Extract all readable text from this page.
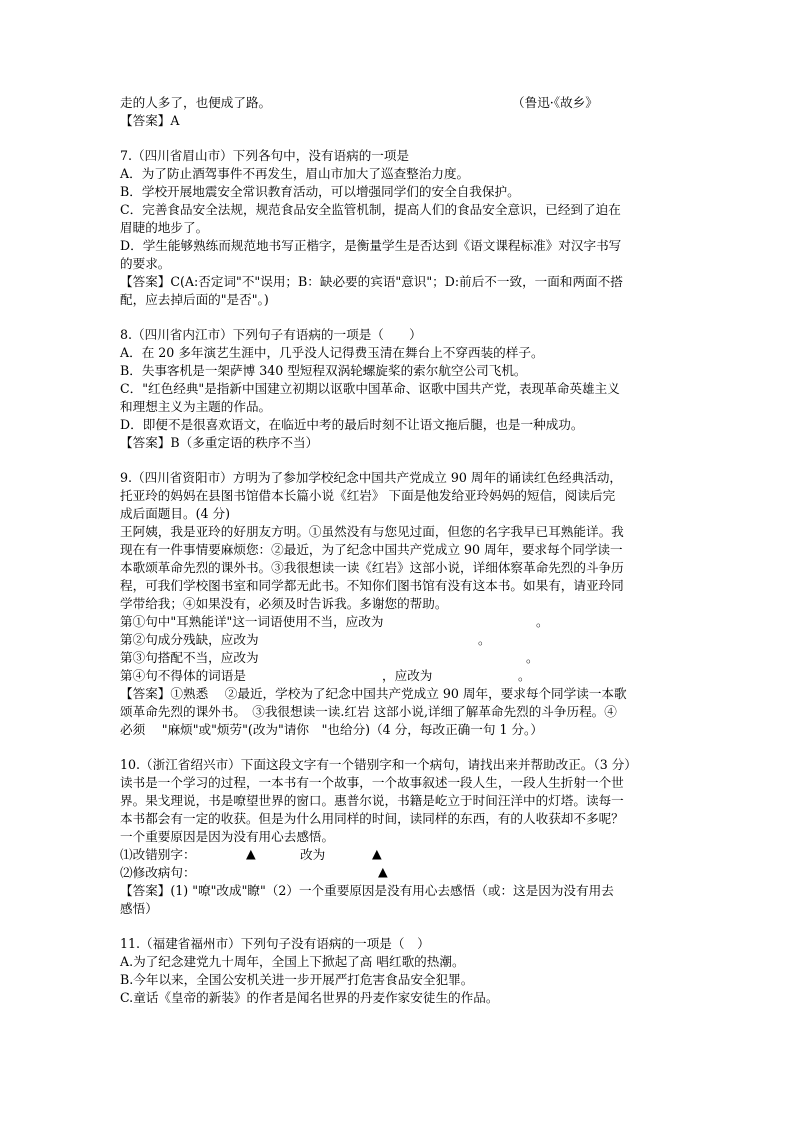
走的人多了，也便成了路。	（鲁迅·《故乡》
【答案】A
7.（四川省眉山市）下列各句中，没有语病的一项是
A．为了防止酒驾事件不再发生，眉山市加大了巡查整治力度。
B．学校开展地震安全常识教育活动，可以增强同学们的安全自我保护。
C．完善食品安全法规，规范食品安全监管机制，提高人们的食品安全意识，已经到了迫在
眉睫的地步了。
D．学生能够熟练而规范地书写正楷字，是衡量学生是否达到《语文课程标准》对汉字书写
的要求。
【答案】C(A:否定词"不"误用；B：缺必要的宾语"意识"；D:前后不一致，一面和两面不搭
配，应去掉后面的"是否"。)
8.（四川省内江市）下列句子有语病的一项是（　　）
A．在 20 多年演艺生涯中，几乎没人记得费玉清在舞台上不穿西装的样子。
B．失事客机是一架萨博 340 型短程双涡轮螺旋桨的索尔航空公司飞机。
C．"红色经典"是指新中国建立初期以讴歌中国革命、讴歌中国共产党，表现革命英雄主义
和理想主义为主题的作品。
D．即便不是很喜欢语文，在临近中考的最后时刻不让语文拖后腿，也是一种成功。
【答案】B（多重定语的秩序不当）
9.（四川省资阳市）方明为了参加学校纪念中国共产党成立 90 周年的诵读红色经典活动，
托亚玲的妈妈在县图书馆借本长篇小说《红岩》 下面是他发给亚玲妈妈的短信，阅读后完
成后面题目。(4 分)
王阿姨，我是亚玲的好朋友方明。①虽然没有与您见过面，但您的名字我早已耳熟能详。我
现在有一件事情要麻烦您：②最近，为了纪念中国共产党成立 90 周年，要求每个同学读一
本歌颂革命先烈的课外书。③我很想读一读《红岩》这部小说，详细体察革命先烈的斗争历
程，可我们学校图书室和同学都无此书。不知你们图书馆有没有这本书。如果有，请亚玲同
学带给我；④如果没有，必须及时告诉我。多谢您的帮助。
第①句中"耳熟能详"这一词语使用不当，应改为	。
第②句成分残缺，应改为	。
第③句搭配不当，应改为	。
第④句不得体的词语是	，应改为	。
【答案】①熟悉　 ②最近，学校为了纪念中国共产党成立 90 周年，要求每个同学读一本歌
颂革命先烈的课外书。　③我很想读一读.红岩 这部小说,详细了解革命先烈的斗争历程。④
必须　 "麻烦"或"烦劳"(改为"请你　"也给分)（4 分，每改正确一句 1 分。）
10.（浙江省绍兴市）下面这段文字有一个错别字和一个病句，请找出来并帮助改正。（3 分）
读书是一个学习的过程，一本书有一个故事，一个故事叙述一段人生，一段人生折射一个世
界。果戈理说，书是嘹望世界的窗口。惠普尔说，书籍是屹立于时间汪洋中的灯塔。读每一
本书都会有一定的收获。但是为什么用同样的时间，读同样的东西，有的人收获却不多呢？
一个重要原因是因为没有用心去感悟。
⑴改错别字：	▲	改为	▲
⑵修改病句：	▲
【答案】(1) "嘹"改成"瞭"（2）一个重要原因是没有用心去感悟（或：这是因为没有用去
感悟）
11.（福建省福州市）下列句子没有语病的一项是（　）
A.为了纪念建党九十周年，全国上下掀起了高 唱红歌的热潮。
B.今年以来，全国公安机关进一步开展严打危害食品安全犯罪。
C.童话《皇帝的新装》的作者是闻名世界的丹麦作家安徒生的作品。
